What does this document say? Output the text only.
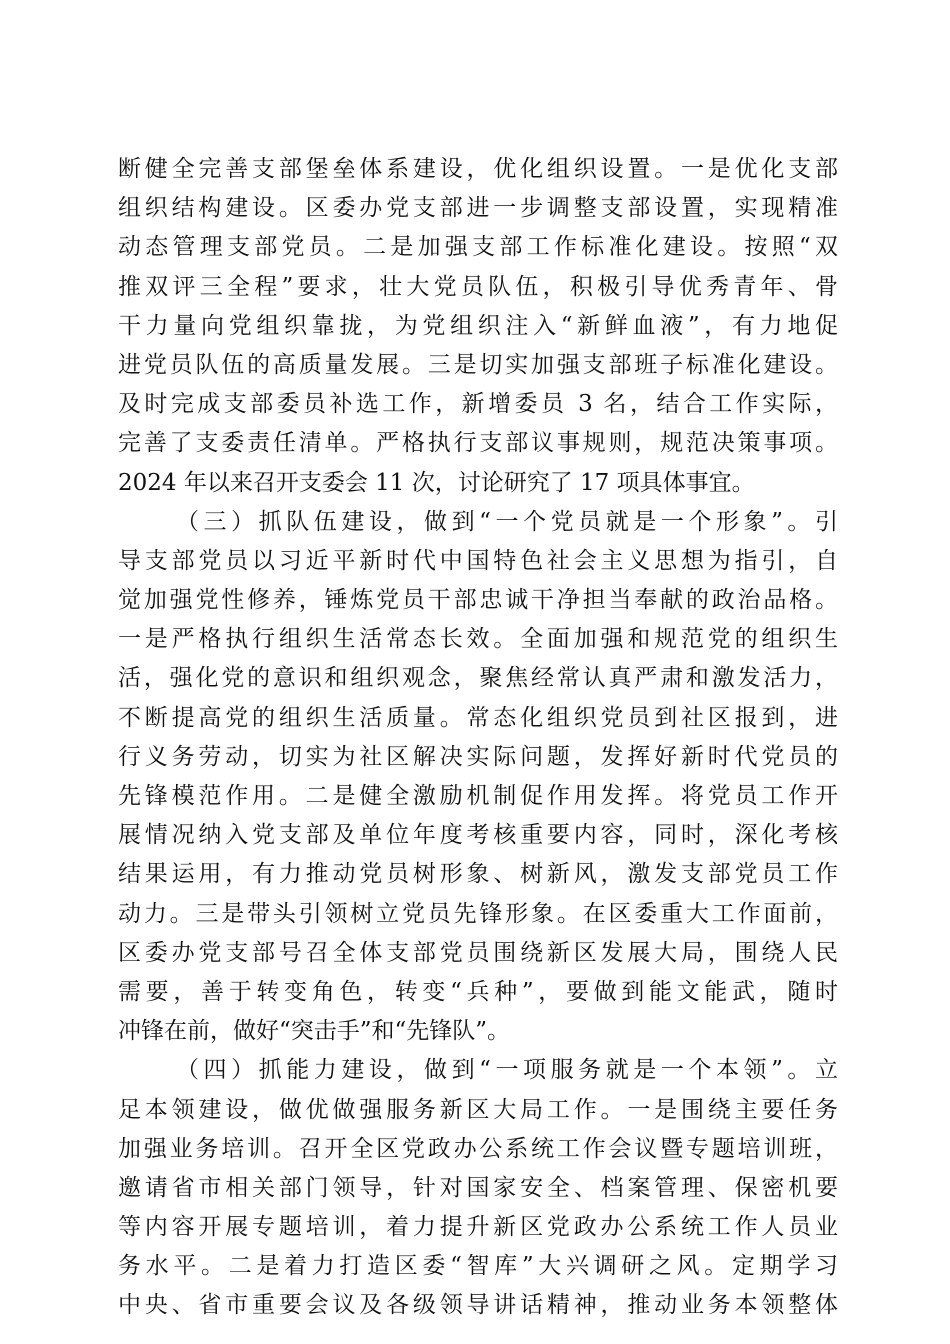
断健全完善支部堡垒体系建设，优化组织设置。一是优化支部
组织结构建设。区委办党支部进一步调整支部设置，实现精准
动态管理支部党员。二是加强支部工作标准化建设。按照“双
推双评三全程”要求，壮大党员队伍，积极引导优秀青年、骨
干力量向党组织靠拢，为党组织注入“新鲜血液”，有力地促
进党员队伍的高质量发展。三是切实加强支部班子标准化建设。
及时完成支部委员补选工作，新增委员 3 名，结合工作实际，
完善了支委责任清单。严格执行支部议事规则，规范决策事项。
2024 年以来召开支委会 11 次，讨论研究了 17 项具体事宜。
（三）抓队伍建设，做到“一个党员就是一个形象”。引
导支部党员以习近平新时代中国特色社会主义思想为指引，自
觉加强党性修养，锤炼党员干部忠诚干净担当奉献的政治品格。
一是严格执行组织生活常态长效。全面加强和规范党的组织生
活，强化党的意识和组织观念，聚焦经常认真严肃和激发活力，
不断提高党的组织生活质量。常态化组织党员到社区报到，进
行义务劳动，切实为社区解决实际问题，发挥好新时代党员的
先锋模范作用。二是健全激励机制促作用发挥。将党员工作开
展情况纳入党支部及单位年度考核重要内容，同时，深化考核
结果运用，有力推动党员树形象、树新风，激发支部党员工作
动力。三是带头引领树立党员先锋形象。在区委重大工作面前，
区委办党支部号召全体支部党员围绕新区发展大局，围绕人民
需要，善于转变角色，转变“兵种”，要做到能文能武，随时
冲锋在前，做好“突击手”和“先锋队”。
（四）抓能力建设，做到“一项服务就是一个本领”。立
足本领建设，做优做强服务新区大局工作。一是围绕主要任务
加强业务培训。召开全区党政办公系统工作会议暨专题培训班，
邀请省市相关部门领导，针对国家安全、档案管理、保密机要
等内容开展专题培训，着力提升新区党政办公系统工作人员业
务水平。二是着力打造区委“智库”大兴调研之风。定期学习
中央、省市重要会议及各级领导讲话精神，推动业务本领整体
